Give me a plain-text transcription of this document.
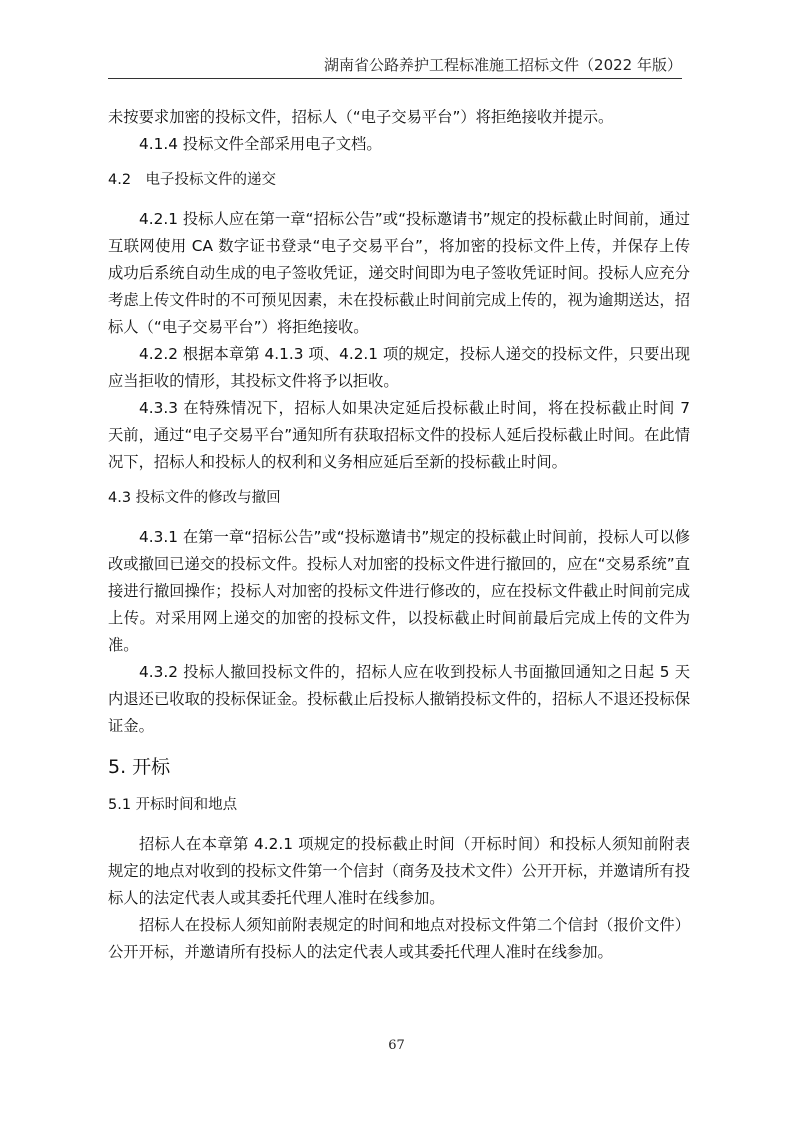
湖南省公路养护工程标准施工招标文件（2022 年版）

未按要求加密的投标文件，招标人（“电子交易平台”）将拒绝接收并提示。

4.1.4 投标文件全部采用电子文档。

4.2　电子投标文件的递交

4.2.1 投标人应在第一章“招标公告”或“投标邀请书”规定的投标截止时间前，通过互联网使用 CA 数字证书登录“电子交易平台”，将加密的投标文件上传，并保存上传成功后系统自动生成的电子签收凭证，递交时间即为电子签收凭证时间。投标人应充分考虑上传文件时的不可预见因素，未在投标截止时间前完成上传的，视为逾期送达，招标人（“电子交易平台”）将拒绝接收。

4.2.2 根据本章第 4.1.3 项、4.2.1 项的规定，投标人递交的投标文件，只要出现应当拒收的情形，其投标文件将予以拒收。

4.3.3 在特殊情况下，招标人如果决定延后投标截止时间，将在投标截止时间 7 天前，通过“电子交易平台”通知所有获取招标文件的投标人延后投标截止时间。在此情况下，招标人和投标人的权利和义务相应延后至新的投标截止时间。

4.3 投标文件的修改与撤回

4.3.1 在第一章“招标公告”或“投标邀请书”规定的投标截止时间前，投标人可以修改或撤回已递交的投标文件。投标人对加密的投标文件进行撤回的，应在“交易系统”直接进行撤回操作；投标人对加密的投标文件进行修改的，应在投标文件截止时间前完成上传。对采用网上递交的加密的投标文件，以投标截止时间前最后完成上传的文件为准。

4.3.2 投标人撤回投标文件的，招标人应在收到投标人书面撤回通知之日起 5 天内退还已收取的投标保证金。投标截止后投标人撤销投标文件的，招标人不退还投标保证金。

5. 开标
5.1 开标时间和地点

招标人在本章第 4.2.1 项规定的投标截止时间（开标时间）和投标人须知前附表规定的地点对收到的投标文件第一个信封（商务及技术文件）公开开标，并邀请所有投标人的法定代表人或其委托代理人准时在线参加。

招标人在投标人须知前附表规定的时间和地点对投标文件第二个信封（报价文件）公开开标，并邀请所有投标人的法定代表人或其委托代理人准时在线参加。

67
